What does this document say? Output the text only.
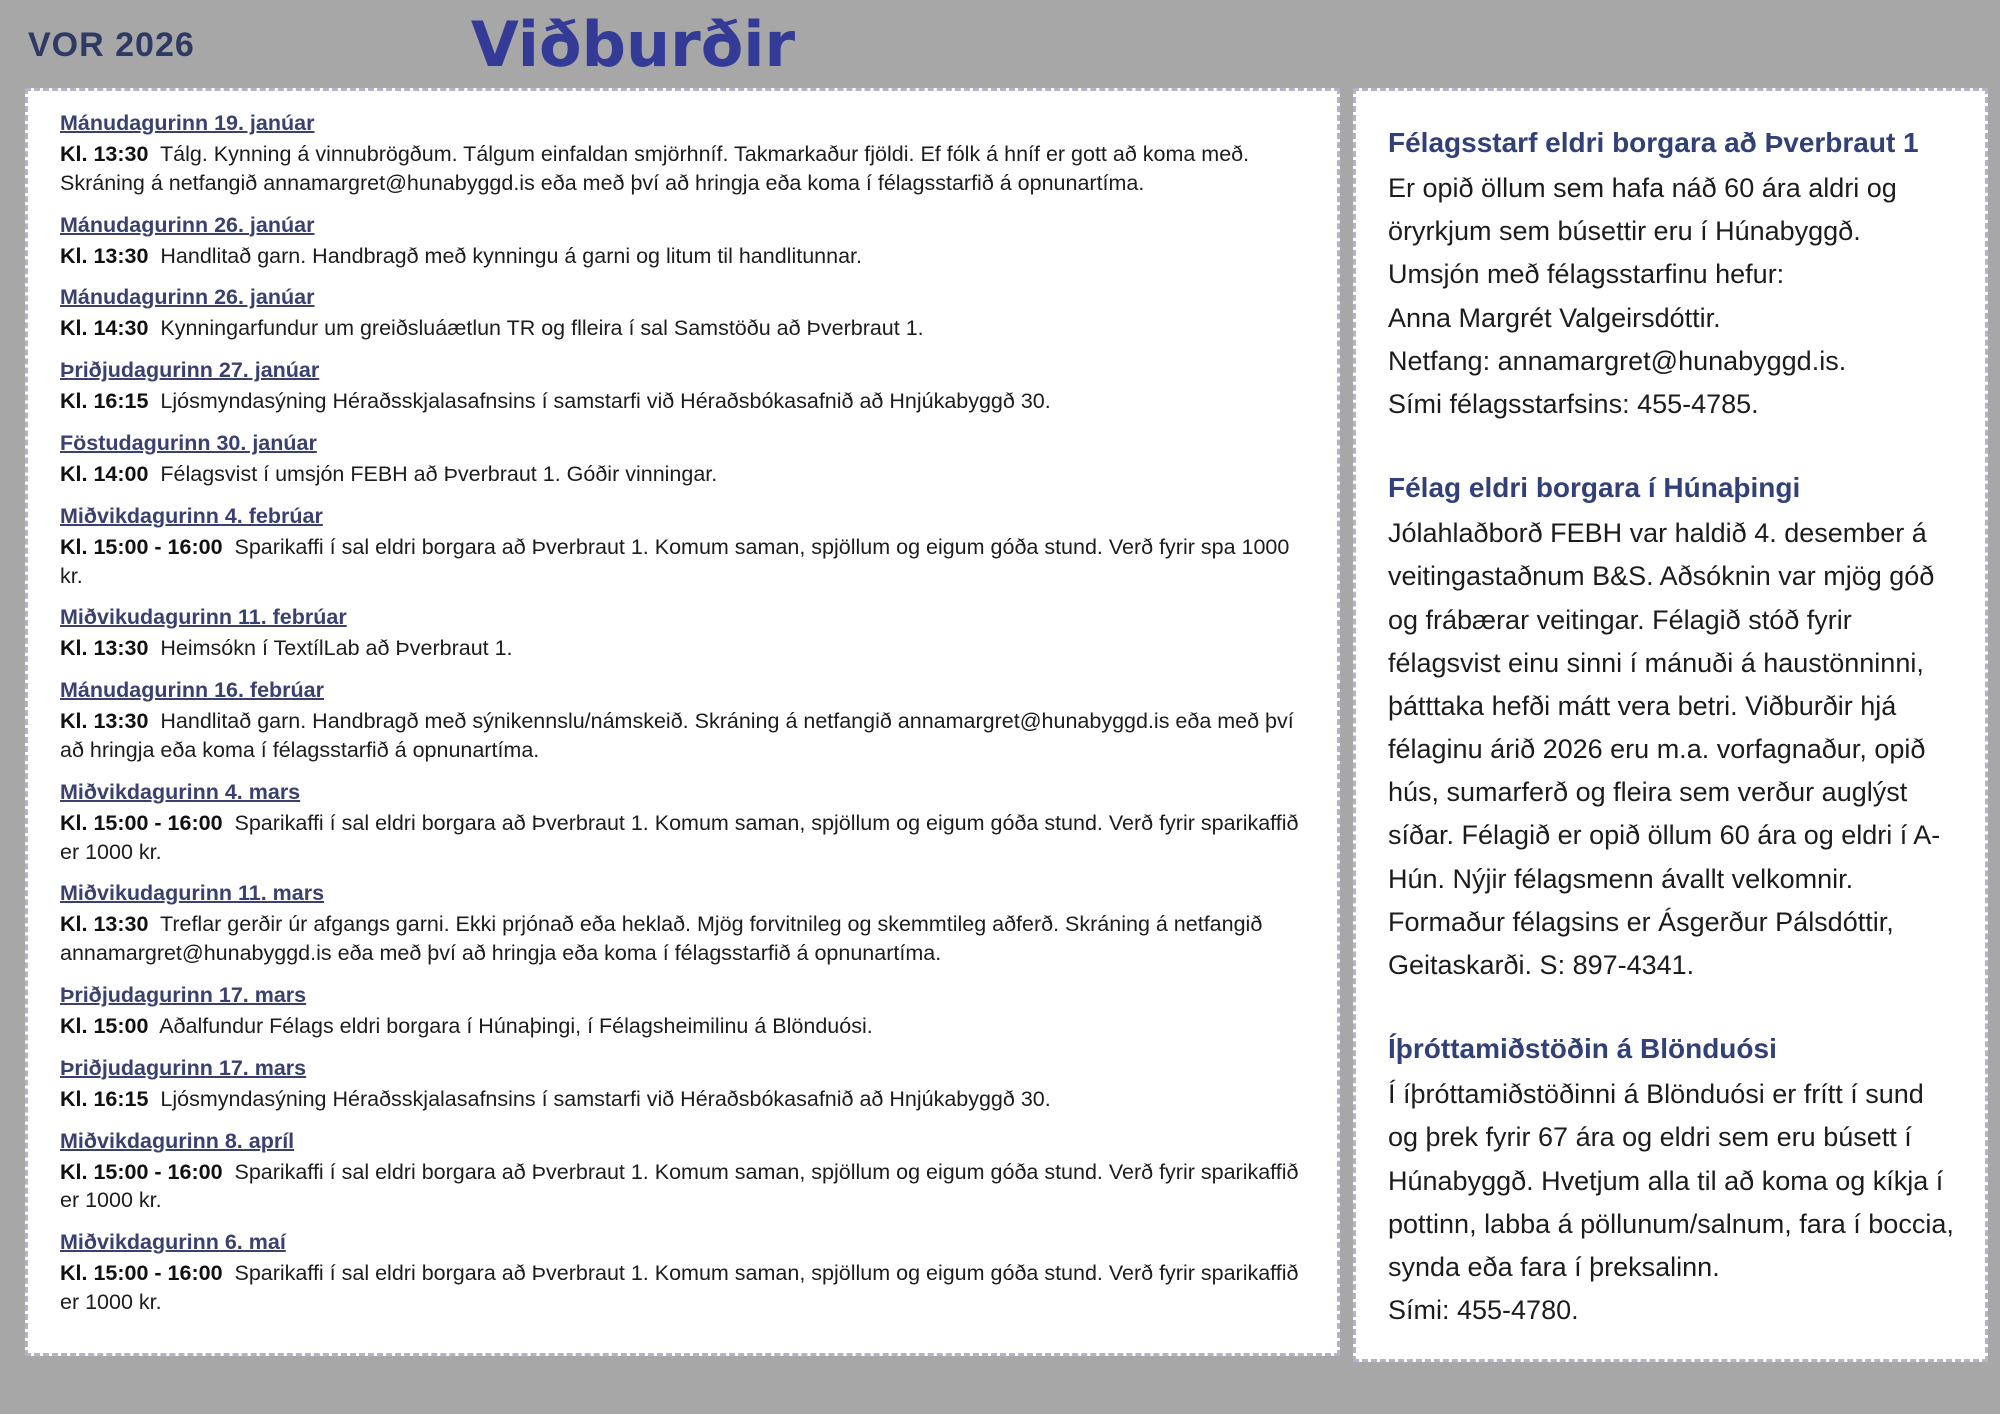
VOR 2026	Viðburðir
Mánudagurinn 19. janúar

Kl. 13:30  Tálg. Kynning á vinnubrögðum. Tálgum einfaldan smjörhníf. Takmarkaður fjöldi. Ef fólk á hníf er gott að koma með. Skráning á netfangið annamargret@hunabyggd.is eða með því að hringja eða koma í félagsstarfið á opnunartíma.

Mánudagurinn 26. janúar

Kl. 13:30  Handlitað garn. Handbragð með kynningu á garni og litum til handlitunnar.

Mánudagurinn 26. janúar

Kl. 14:30  Kynningarfundur um greiðsluáætlun TR og flleira í sal Samstöðu að Þverbraut 1.

Þriðjudagurinn 27. janúar

Kl. 16:15  Ljósmyndasýning Héraðsskjalasafnsins í samstarfi við Héraðsbókasafnið að Hnjúkabyggð 30.

Föstudagurinn 30. janúar

Kl. 14:00  Félagsvist í umsjón FEBH að Þverbraut 1. Góðir vinningar.

Miðvikdagurinn 4. febrúar

Kl. 15:00 - 16:00  Sparikaffi í sal eldri borgara að Þverbraut 1. Komum saman, spjöllum og eigum góða stund. Verð fyrir spa 1000 kr.

Miðvikudagurinn 11. febrúar

Kl. 13:30  Heimsókn í TextílLab að Þverbraut 1.

Mánudagurinn 16. febrúar

Kl. 13:30  Handlitað garn. Handbragð með sýnikennslu/námskeið. Skráning á netfangið annamargret@hunabyggd.is eða með því að hringja eða koma í félagsstarfið á opnunartíma.

Miðvikdagurinn 4. mars

Kl. 15:00 - 16:00  Sparikaffi í sal eldri borgara að Þverbraut 1. Komum saman, spjöllum og eigum góða stund. Verð fyrir sparikaffið er 1000 kr.

Miðvikudagurinn 11. mars

Kl. 13:30  Treflar gerðir úr afgangs garni. Ekki prjónað eða heklað. Mjög forvitnileg og skemmtileg aðferð. Skráning á netfangið annamargret@hunabyggd.is eða með því að hringja eða koma í félagsstarfið á opnunartíma.

Þriðjudagurinn 17. mars

Kl. 15:00  Aðalfundur Félags eldri borgara í Húnaþingi, í Félagsheimilinu á Blönduósi.

Þriðjudagurinn 17. mars

Kl. 16:15  Ljósmyndasýning Héraðsskjalasafnsins í samstarfi við Héraðsbókasafnið að Hnjúkabyggð 30.

Miðvikdagurinn 8. apríl

Kl. 15:00 - 16:00  Sparikaffi í sal eldri borgara að Þverbraut 1. Komum saman, spjöllum og eigum góða stund. Verð fyrir sparikaffið er 1000 kr.

Miðvikdagurinn 6. maí

Kl. 15:00 - 16:00  Sparikaffi í sal eldri borgara að Þverbraut 1. Komum saman, spjöllum og eigum góða stund. Verð fyrir sparikaffið er 1000 kr.

Félagsstarf eldri borgara að Þverbraut 1

Er opið öllum sem hafa náð 60 ára aldri og öryrkjum sem búsettir eru í Húnabyggð. Umsjón með félagsstarfinu hefur:

Anna Margrét Valgeirsdóttir.

Netfang: annamargret@hunabyggd.is.

Sími félagsstarfsins: 455-4785.

Félag eldri borgara í Húnaþingi

Jólahlaðborð FEBH var haldið 4. desember á veitingastaðnum B&S. Aðsóknin var mjög góð og frábærar veitingar. Félagið stóð fyrir félagsvist einu sinni í mánuði á haustönninni, þátttaka hefði mátt vera betri. Viðburðir hjá félaginu árið 2026 eru m.a. vorfagnaður, opið hús, sumarferð og fleira sem verður auglýst síðar. Félagið er opið öllum 60 ára og eldri í A-Hún. Nýjir félagsmenn ávallt velkomnir. Formaður félagsins er Ásgerður Pálsdóttir, Geitaskarði. S: 897-4341.

Íþróttamiðstöðin á Blönduósi

Í íþróttamiðstöðinni á Blönduósi er frítt í sund og þrek fyrir 67 ára og eldri sem eru búsett í Húnabyggð. Hvetjum alla til að koma og kíkja í pottinn, labba á pöllunum/salnum, fara í boccia, synda eða fara í þreksalinn.

Sími: 455-4780.
